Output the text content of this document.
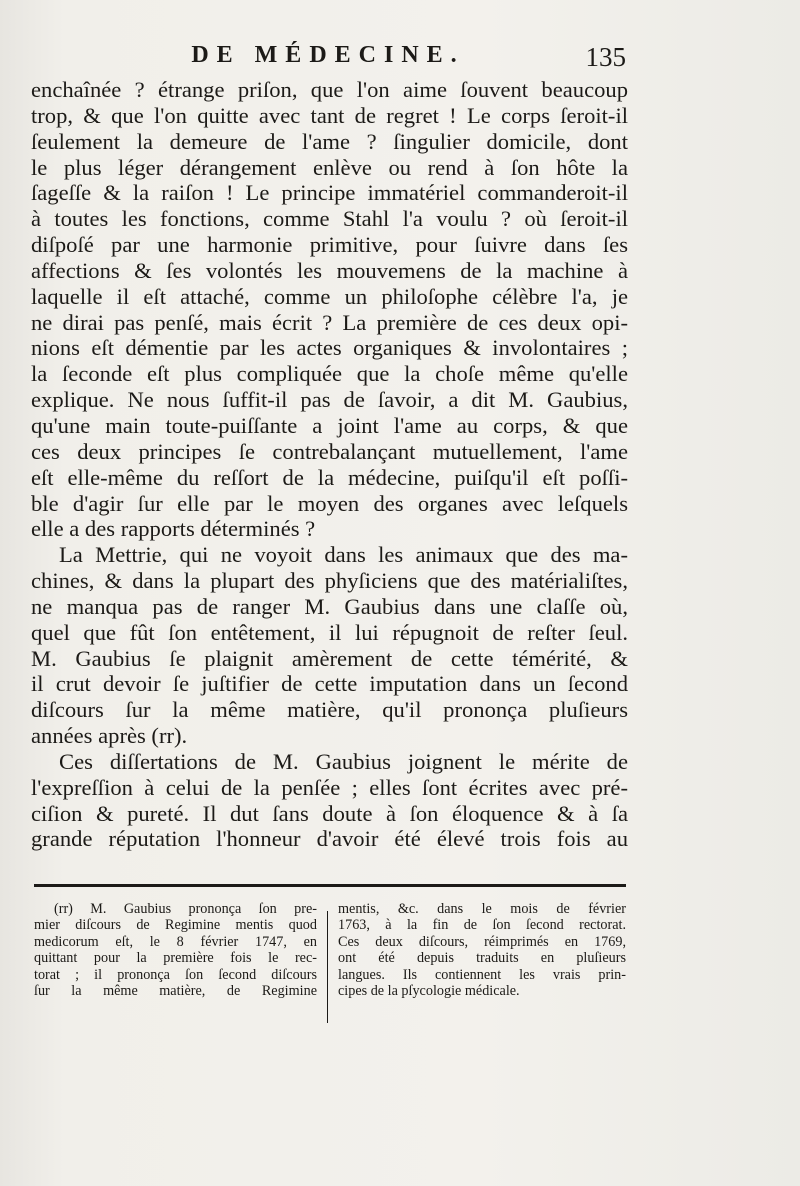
DE MÉDECINE.	135
enchaînée ? étrange priſon, que l'on aime ſouvent beaucoup
trop, & que l'on quitte avec tant de regret ! Le corps ſeroit-il
ſeulement la demeure de l'ame ? ſingulier domicile, dont
le plus léger dérangement enlève ou rend à ſon hôte la
ſageſſe & la raiſon ! Le principe immatériel commanderoit-il
à toutes les fonctions, comme Stahl l'a voulu ? où ſeroit-il
diſpoſé par une harmonie primitive, pour ſuivre dans ſes
affections & ſes volontés les mouvemens de la machine à
laquelle il eſt attaché, comme un philoſophe célèbre l'a, je
ne dirai pas penſé, mais écrit ? La première de ces deux opi-
nions eſt démentie par les actes organiques & involontaires ;
la ſeconde eſt plus compliquée que la choſe même qu'elle
explique. Ne nous ſuffit-il pas de ſavoir, a dit M. Gaubius,
qu'une main toute-puiſſante a joint l'ame au corps, & que
ces deux principes ſe contrebalançant mutuellement, l'ame
eſt elle-même du reſſort de la médecine, puiſqu'il eſt poſſi-
ble d'agir ſur elle par le moyen des organes avec leſquels
elle a des rapports déterminés ?
La Mettrie, qui ne voyoit dans les animaux que des ma-
chines, & dans la plupart des phyſiciens que des matérialiſtes,
ne manqua pas de ranger M. Gaubius dans une claſſe où,
quel que fût ſon entêtement, il lui répugnoit de reſter ſeul.
M. Gaubius ſe plaignit amèrement de cette témérité, &
il crut devoir ſe juſtifier de cette imputation dans un ſecond
diſcours ſur la même matière, qu'il prononça pluſieurs
années après (rr).
Ces diſſertations de M. Gaubius joignent le mérite de
l'expreſſion à celui de la penſée ; elles ſont écrites avec pré-
ciſion & pureté. Il dut ſans doute à ſon éloquence & à ſa
grande réputation l'honneur d'avoir été élevé trois fois au
(rr) M. Gaubius prononça ſon pre-
mier diſcours de Regimine mentis quod
medicorum eſt, le 8 février 1747, en
quittant pour la première fois le rec-
torat ; il prononça ſon ſecond diſcours
ſur la même matière, de Regimine
mentis, &c. dans le mois de février
1763, à la fin de ſon ſecond rectorat.
Ces deux diſcours, réimprimés en 1769,
ont été depuis traduits en pluſieurs
langues. Ils contiennent les vrais prin-
cipes de la pſycologie médicale.
